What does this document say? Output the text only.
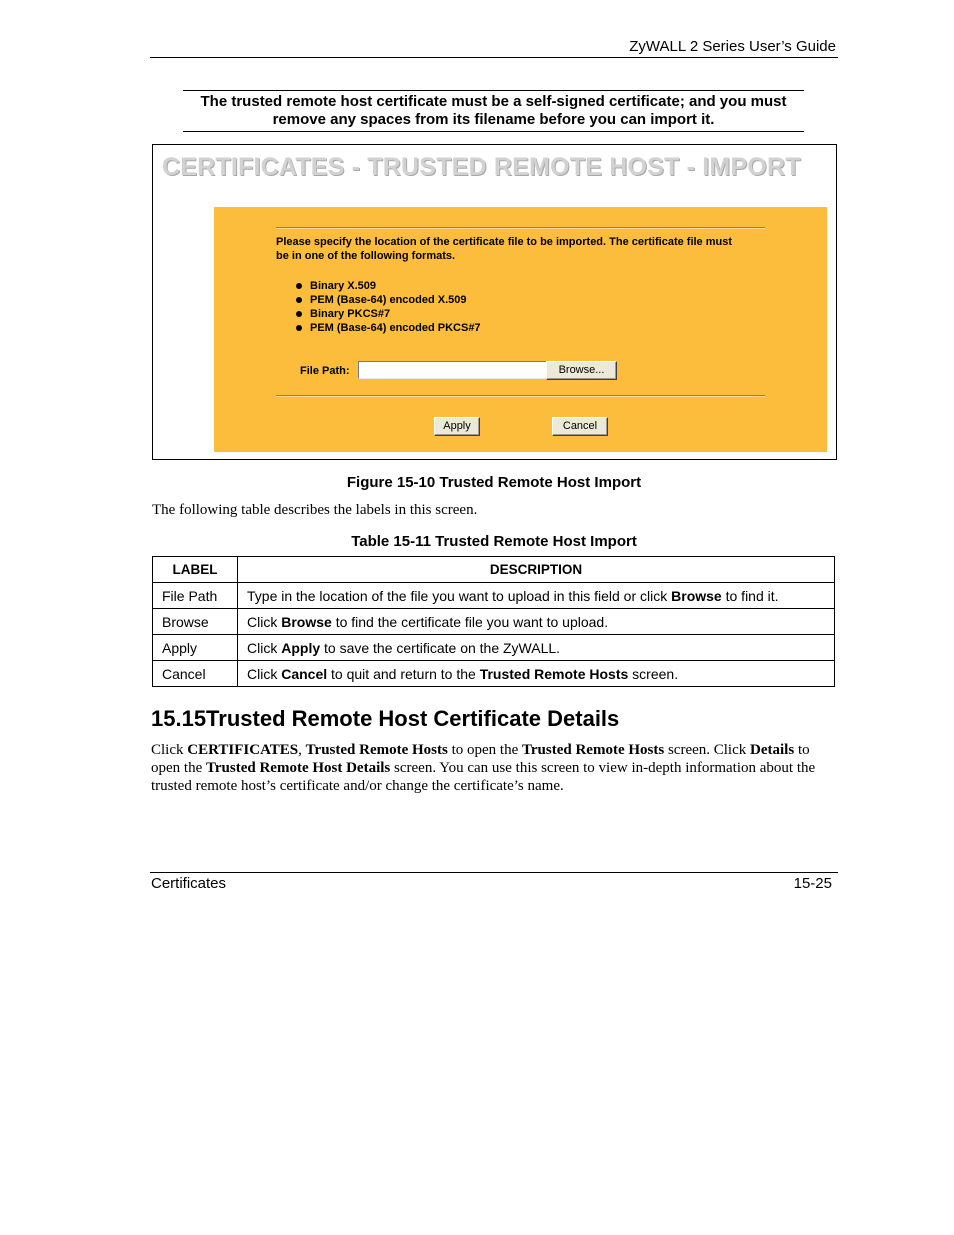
ZyWALL 2 Series User’s Guide
The trusted remote host certificate must be a self-signed certificate; and you must
remove any spaces from its filename before you can import it.
CERTIFICATES - TRUSTED REMOTE HOST - IMPORT
Please specify the location of the certificate file to be imported. The certificate file must
be in one of the following formats.
Binary X.509
PEM (Base-64) encoded X.509
Binary PKCS#7
PEM (Base-64) encoded PKCS#7
File Path:	Browse...
Apply	Cancel
Figure 15-10 Trusted Remote Host Import
The following table describes the labels in this screen.
Table 15-11 Trusted Remote Host Import
LABEL	DESCRIPTION
File Path	Type in the location of the file you want to upload in this field or click Browse to find it.
Browse	Click Browse to find the certificate file you want to upload.
Apply	Click Apply to save the certificate on the ZyWALL.
Cancel	Click Cancel to quit and return to the Trusted Remote Hosts screen.
15.15Trusted Remote Host Certificate Details
Click CERTIFICATES, Trusted Remote Hosts to open the Trusted Remote Hosts screen. Click Details to open the Trusted Remote Host Details screen. You can use this screen to view in-depth information about the trusted remote host’s certificate and/or change the certificate’s name.
Certificates	15-25
